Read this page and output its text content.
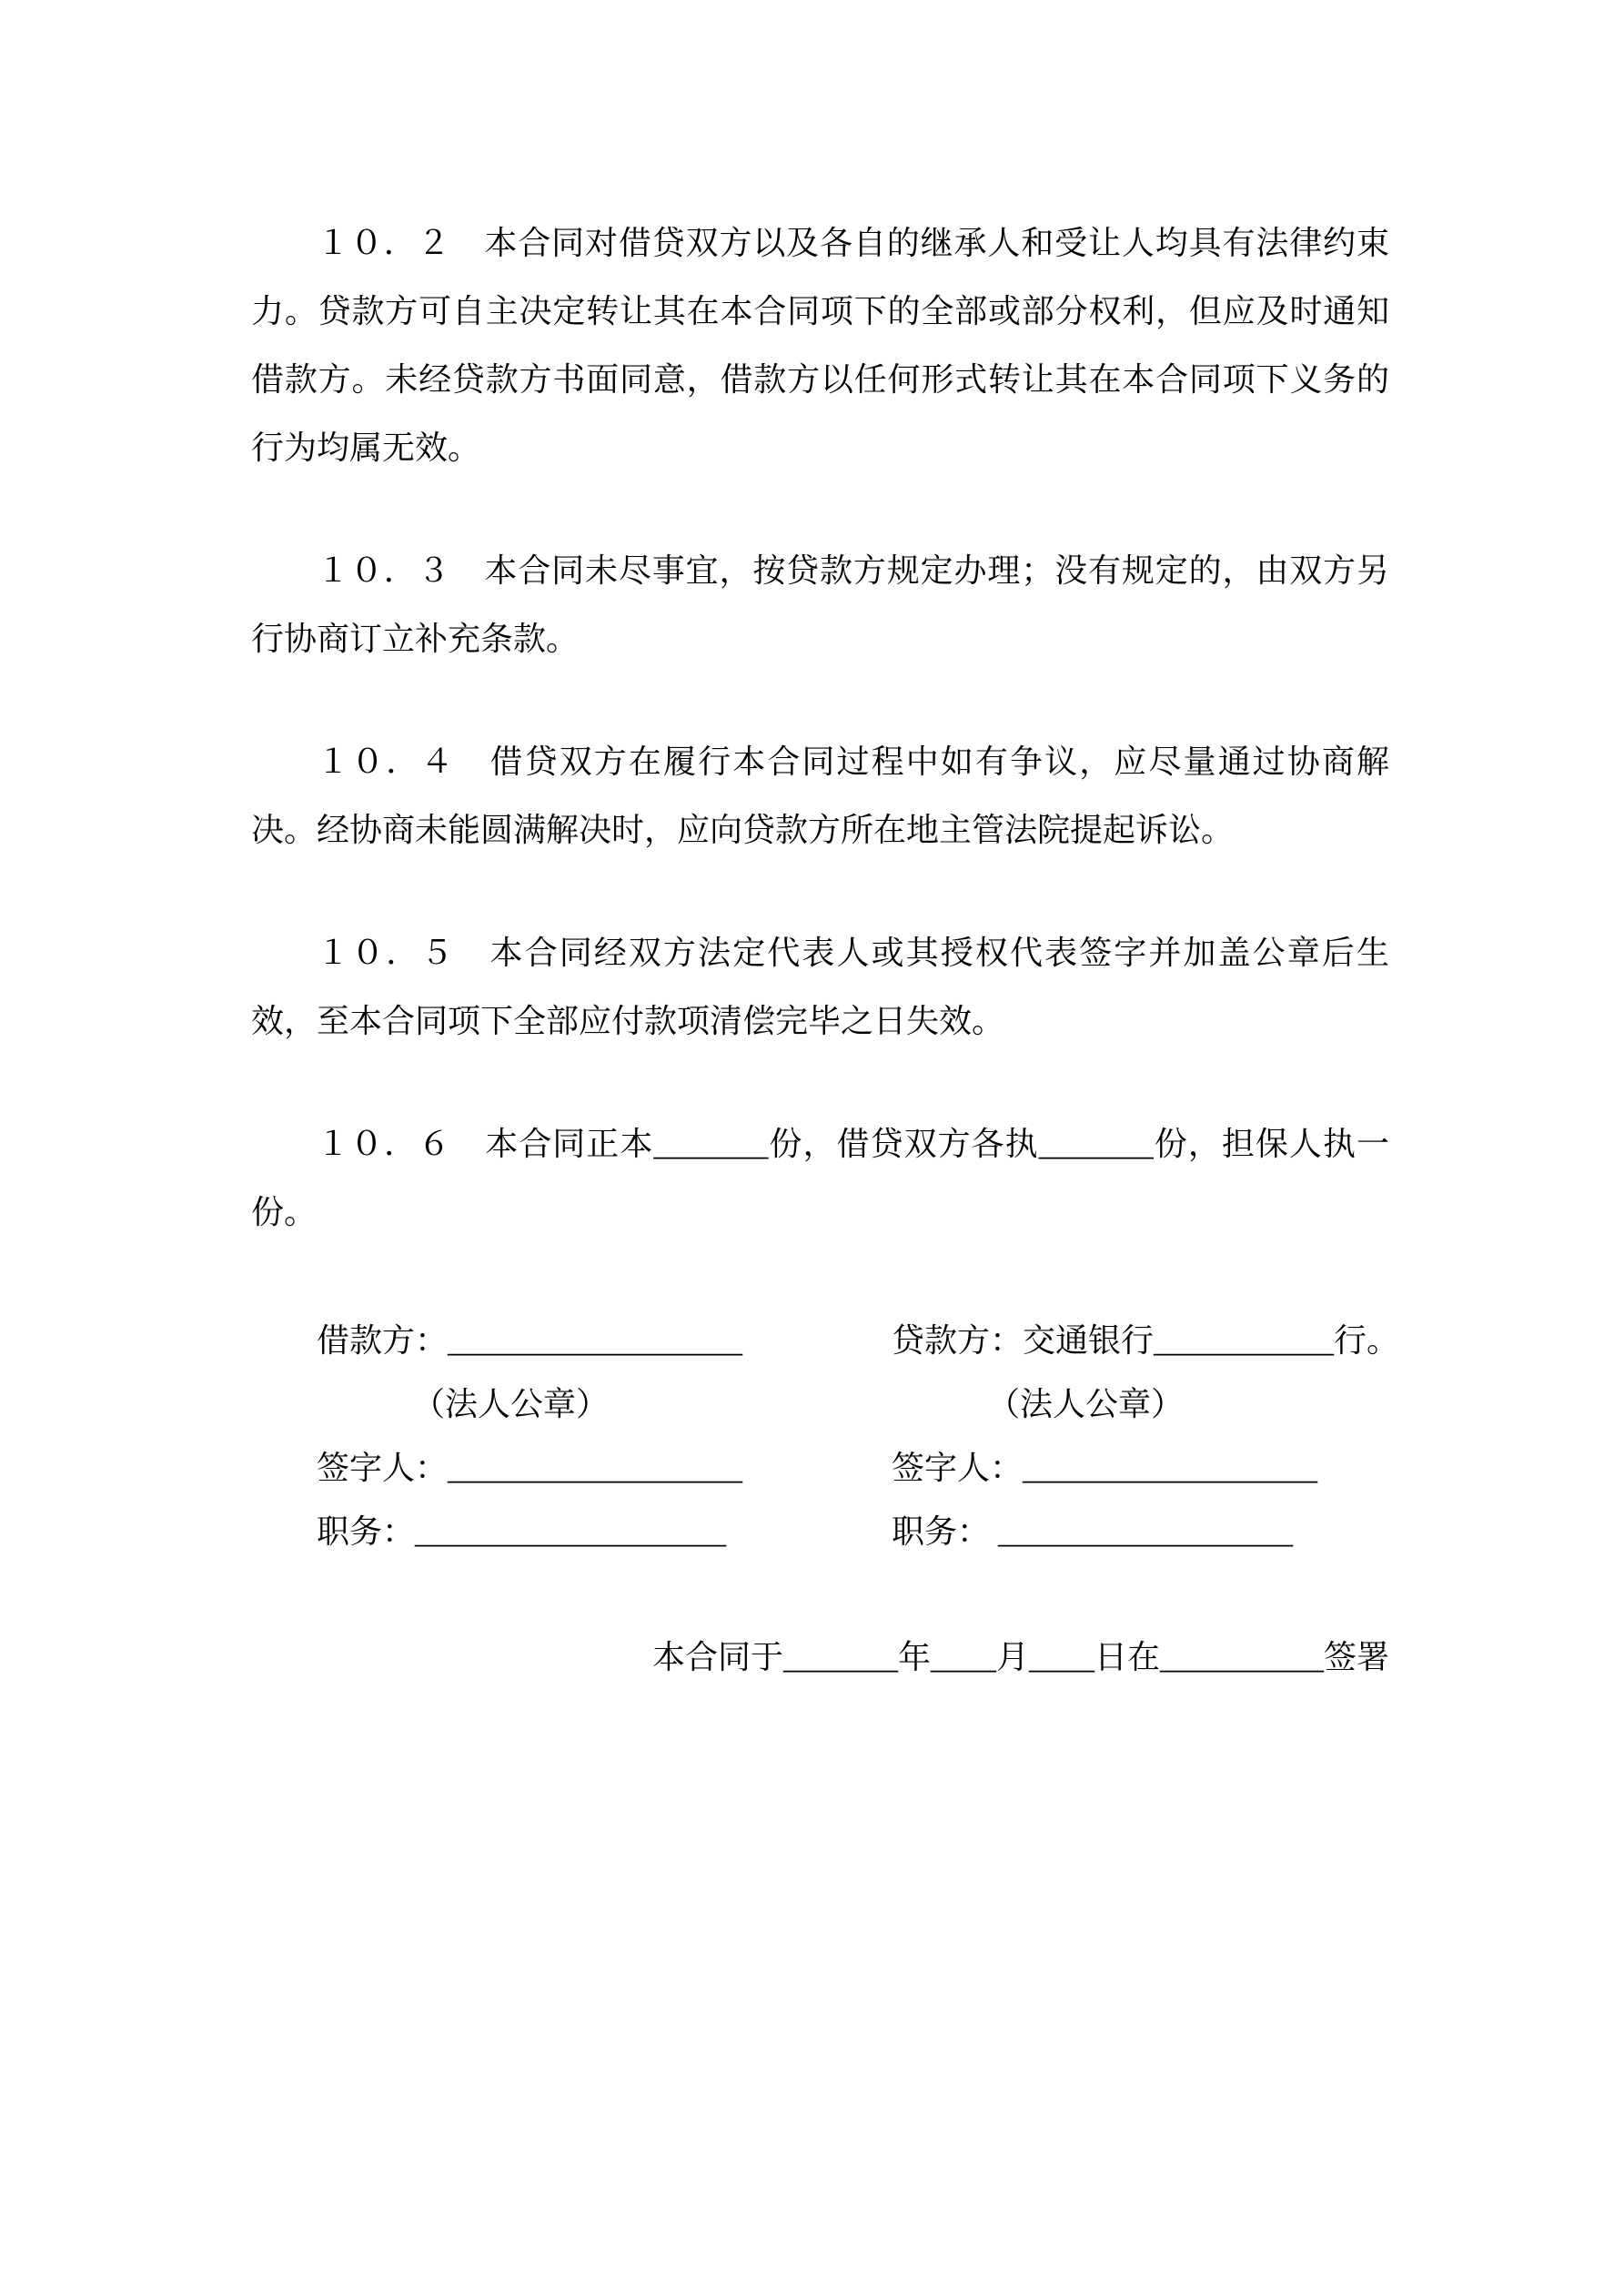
１０．２　本合同对借贷双方以及各自的继承人和受让人均具有法律约束力。贷款方可自主决定转让其在本合同项下的全部或部分权利，但应及时通知借款方。未经贷款方书面同意，借款方以任何形式转让其在本合同项下义务的行为均属无效。

１０．３　本合同未尽事宜，按贷款方规定办理；没有规定的，由双方另行协商订立补充条款。

１０．４　借贷双方在履行本合同过程中如有争议，应尽量通过协商解决。经协商未能圆满解决时，应向贷款方所在地主管法院提起诉讼。

１０．５　本合同经双方法定代表人或其授权代表签字并加盖公章后生效，至本合同项下全部应付款项清偿完毕之日失效。

１０．６　本合同正本_______份，借贷双方各执_______份，担保人执一份。

借款方：__________________
（法人公章）
签字人：__________________
职务：___________________
贷款方：交通银行___________行。
（法人公章）
签字人：__________________
职务： __________________
本合同于_______年____月____日在__________签署
